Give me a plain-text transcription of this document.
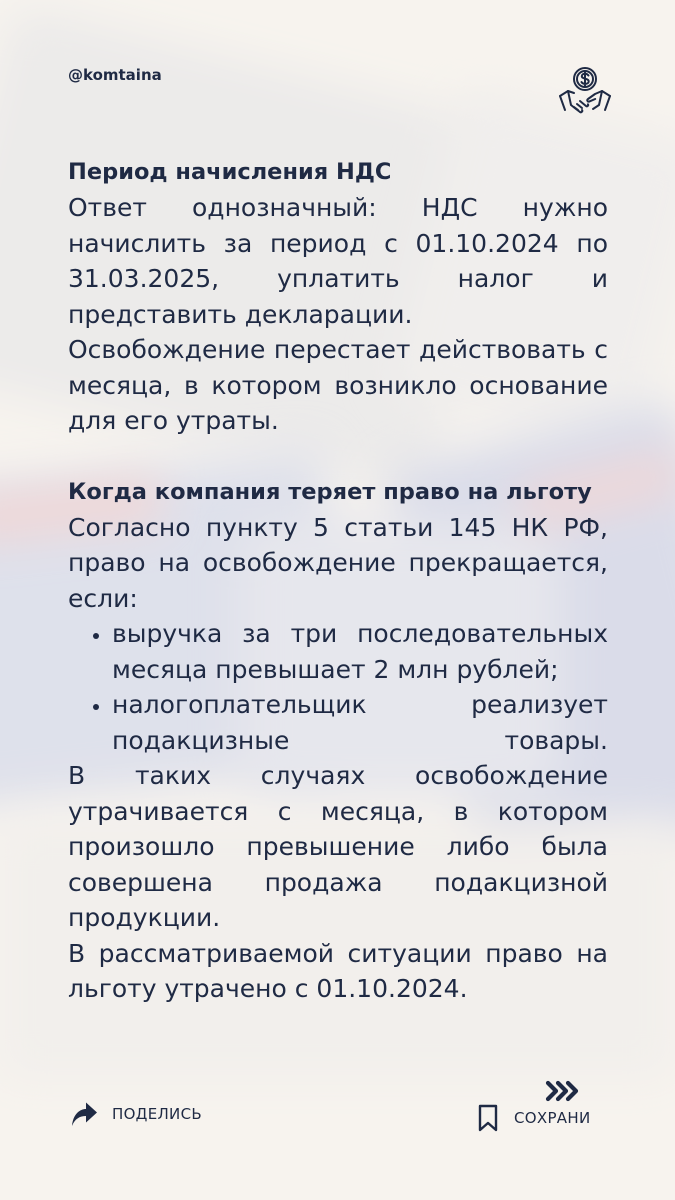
@komtaina
Период начисления НДС

Ответ однозначный: НДС нужно начислить за период с 01.10.2024 по 31.03.2025, уплатить налог и представить декларации.

Освобождение перестает действовать с месяца, в котором возникло основание для его утраты.

Когда компания теряет право на льготу

Согласно пункту 5 статьи 145 НК РФ, право на освобождение прекращается, если:

• выручка за три последовательных месяца превышает 2 млн рублей;
• налогоплательщик реализует подакцизные товары.

В таких случаях освобождение утрачивается с месяца, в котором произошло превышение либо была совершена продажа подакцизной продукции.

В рассматриваемой ситуации право на льготу утрачено с 01.10.2024.

ПОДЕЛИСЬ	СОХРАНИ
